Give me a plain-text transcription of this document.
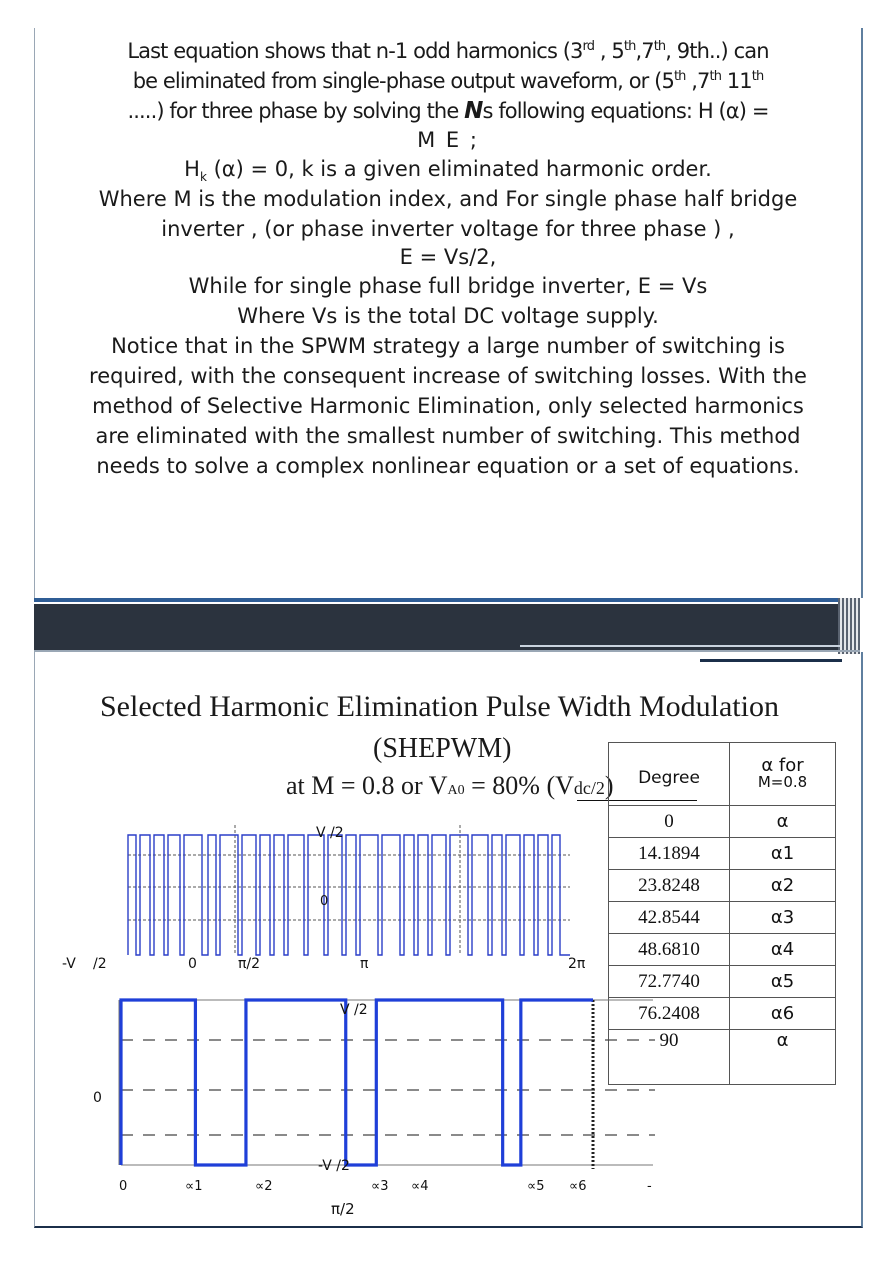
Last equation shows that n-1 odd harmonics (3rd , 5th,7th, 9th..) can
be eliminated from single-phase output waveform, or (5th ,7th 11th
.....) for three phase by solving the Ns following equations: H (α) =
M E ;
$H_k$ (α) = 0, k is a given eliminated harmonic order.
Where M is the modulation index, and For single phase half bridge
inverter , (or phase inverter voltage for three phase ) ,
E = Vs/2,
While for single phase full bridge inverter, E = Vs
Where Vs is the total DC voltage supply.
Notice that in the SPWM strategy a large number of switching is
required, with the consequent increase of switching losses. With the
method of Selective Harmonic Elimination, only selected harmonics
are eliminated with the smallest number of switching. This method
needs to solve a complex nonlinear equation or a set of equations.
Selected Harmonic Elimination Pulse Width Modulation
(SHEPWM)
at M = 0.8 or VA0 = 80% (Vdc/2) Degree	α for
M=0.8

0	α
14.1894	α1
23.8248	α2
42.8544	α3
48.6810	α4
72.7740	α5
76.2408	α6
90	α
V /2
0
-V /2	0	π/2	π	2π
V /2
0
-V /2
0	∝1	∝2	∝3 ∝4	∝5 ∝6	-
π/2
